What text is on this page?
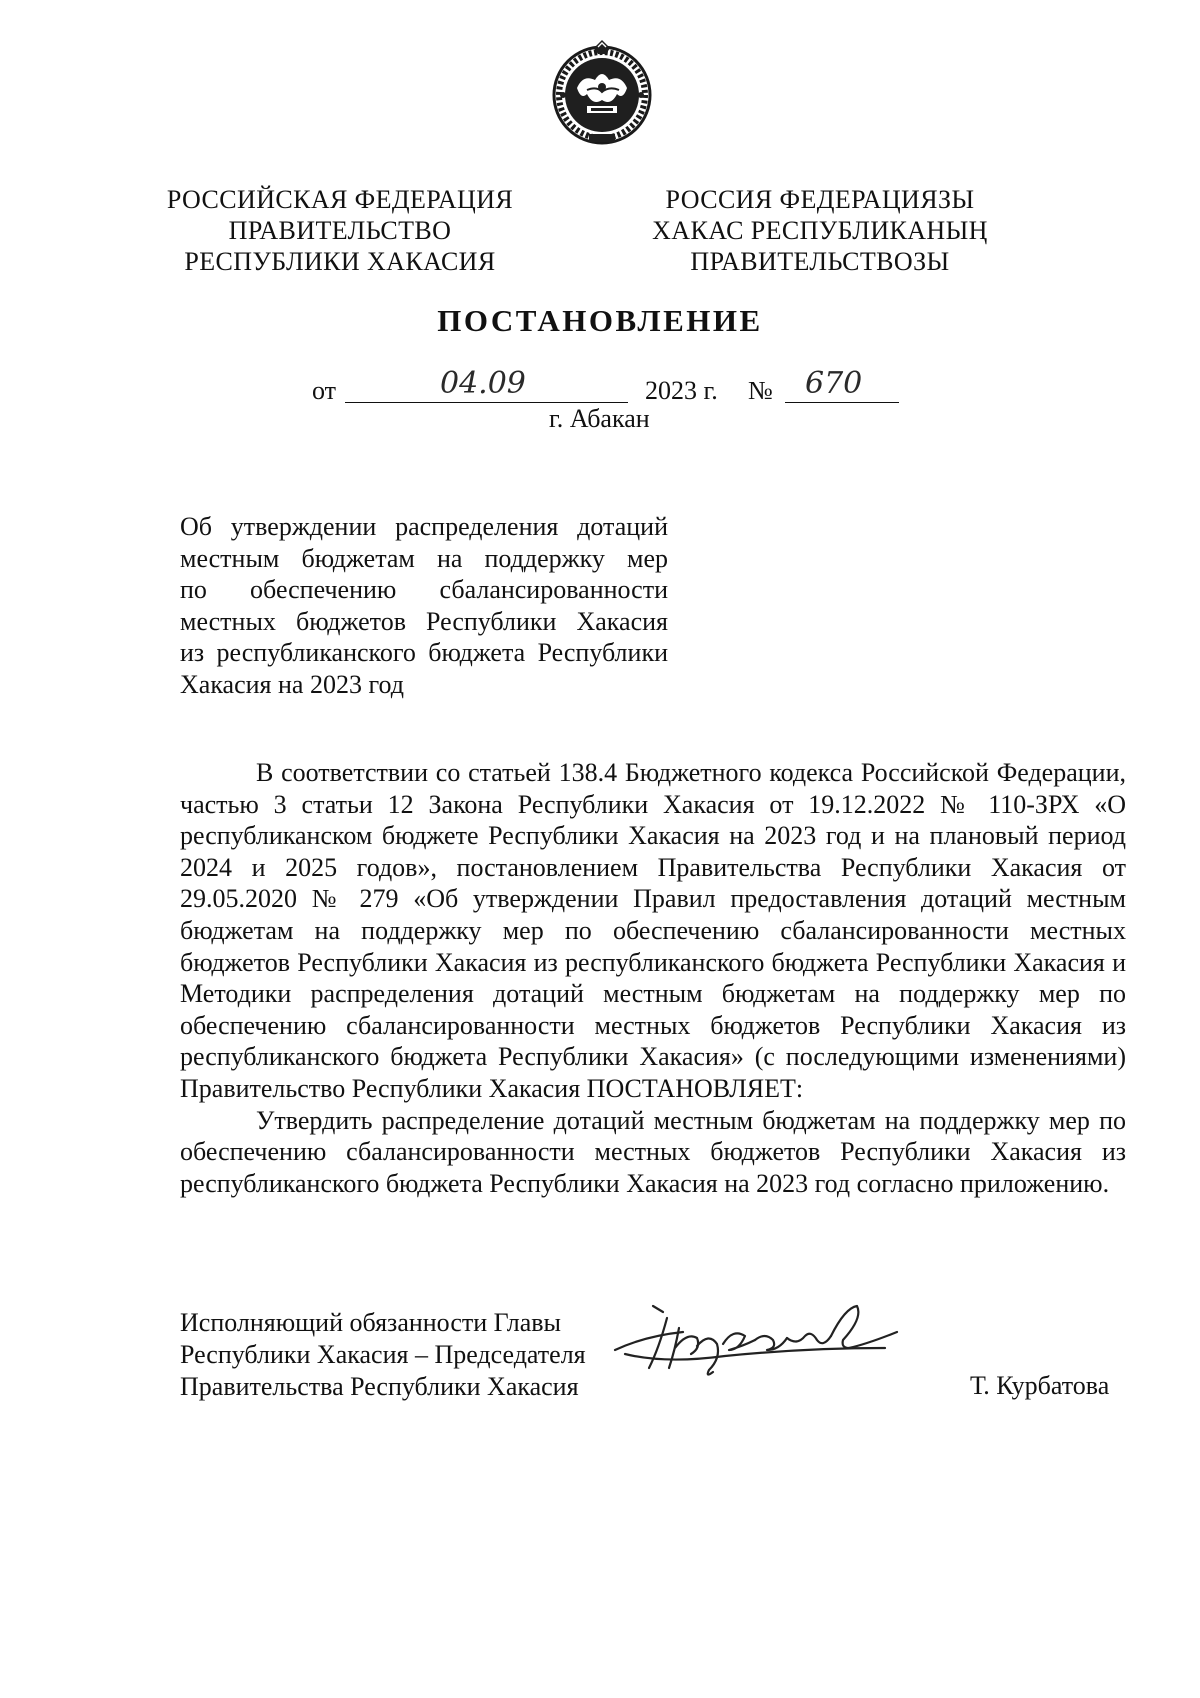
РОССИЙСКАЯ ФЕДЕРАЦИЯ
ПРАВИТЕЛЬСТВО
РЕСПУБЛИКИ ХАКАСИЯ
РОССИЯ ФЕДЕРАЦИЯЗЫ
ХАКАС РЕСПУБЛИКАНЫҢ
ПРАВИТЕЛЬСТВОЗЫ
ПОСТАНОВЛЕНИЕ
от	04.09	2023 г. № 670
г. Абакан
Об утверждении распределения дотаций
местным бюджетам на поддержку мер
по обеспечению сбалансированности
местных бюджетов Республики Хакасия
из республиканского бюджета Республики
Хакасия на 2023 год

В соответствии со статьей 138.4 Бюджетного кодекса Российской Федерации, частью 3 статьи 12 Закона Республики Хакасия от 19.12.2022 № 110-ЗРХ «О республиканском бюджете Республики Хакасия на 2023 год и на плановый период 2024 и 2025 годов», постановлением Правительства Республики Хакасия от 29.05.2020 № 279 «Об утверждении Правил предоставления дотаций местным бюджетам на поддержку мер по обеспечению сбалансированности местных бюджетов Республики Хакасия из республиканского бюджета Республики Хакасия и Методики распределения дотаций местным бюджетам на поддержку мер по обеспечению сбалансированности местных бюджетов Республики Хакасия из республиканского бюджета Республики Хакасия» (с последующими изменениями) Правительство Республики Хакасия ПОСТАНОВЛЯЕТ:

Утвердить распределение дотаций местным бюджетам на поддержку мер по обеспечению сбалансированности местных бюджетов Республики Хакасия из республиканского бюджета Республики Хакасия на 2023 год согласно приложению.

Исполняющий обязанности Главы
Республики Хакасия – Председателя
Правительства Республики Хакасия	Т. Курбатова
